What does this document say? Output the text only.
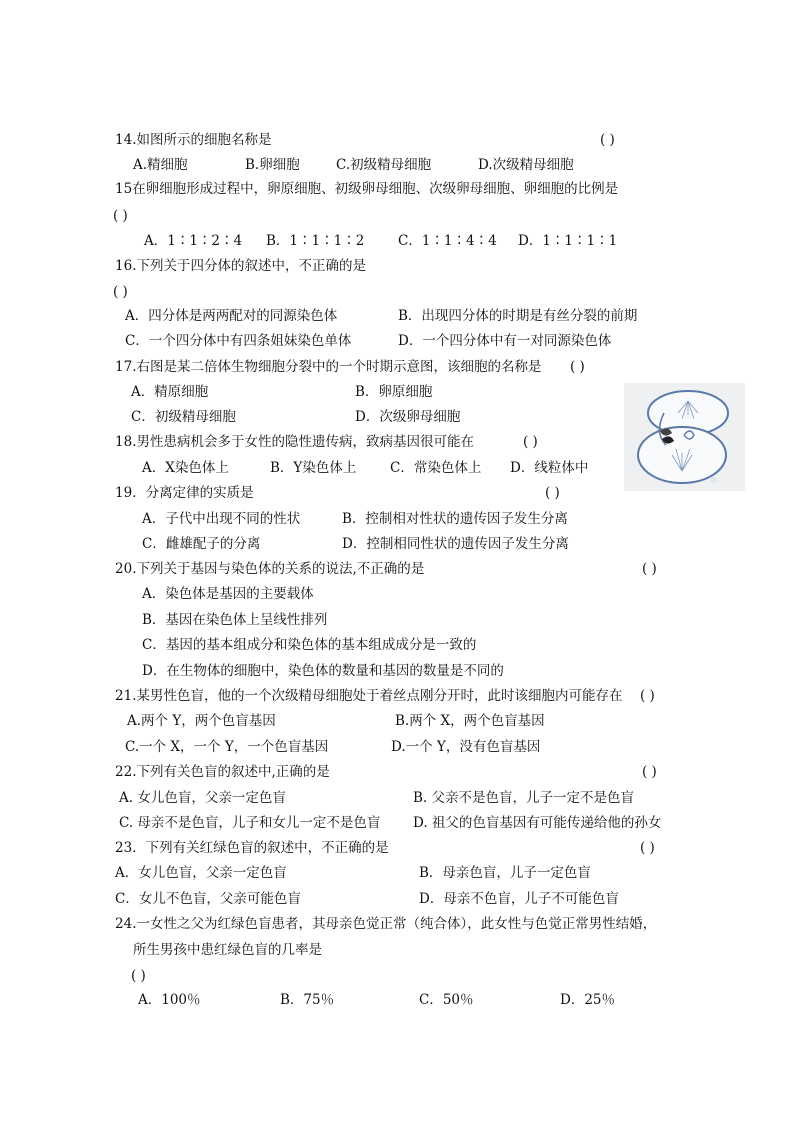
14.如图所示的细胞名称是	( )
A.精细胞	B.卵细胞	C.初级精母细胞	D.次级精母细胞
15在卵细胞形成过程中，卵原细胞、初级卵母细胞、次级卵母细胞、卵细胞的比例是
( )
A．1∶1∶2∶4 B．1∶1∶1∶2 C．1∶1∶4∶4 D．1∶1∶1∶1
16.下列关于四分体的叙述中，不正确的是
( )
A．四分体是两两配对的同源染色体	B．出现四分体的时期是有丝分裂的前期
C．一个四分体中有四条姐妹染色单体	D．一个四分体中有一对同源染色体
17.右图是某二倍体生物细胞分裂中的一个时期示意图，该细胞的名称是 ( )
A．精原细胞	B．卵原细胞
C．初级精母细胞	D．次级卵母细胞
中
18.男性患病机会多于女性的隐性遗传病，致病基因很可能在	( )
A．X染色体上	B．Y染色体上 C．常染色体上 D．线粒体中
19．分离定律的实质是	( )
A．子代中出现不同的性状	B．控制相对性状的遗传因子发生分离
C．雌雄配子的分离	D．控制相同性状的遗传因子发生分离
20.下列关于基因与染色体的关系的说法,不正确的是	( )
A．染色体是基因的主要载体
B．基因在染色体上呈线性排列
C．基因的基本组成分和染色体的基本组成成分是一致的
D．在生物体的细胞中，染色体的数量和基因的数量是不同的
21.某男性色盲，他的一个次级精母细胞处于着丝点刚分开时，此时该细胞内可能存在 ( )
A.两个 Y，两个色盲基因	B.两个 X，两个色盲基因
C.一个 X，一个 Y，一个色盲基因	D.一个 Y，没有色盲基因
22.下列有关色盲的叙述中,正确的是	( )
A. 女儿色盲，父亲一定色盲	B. 父亲不是色盲，儿子一定不是色盲
C. 母亲不是色盲，儿子和女儿一定不是色盲 D. 祖父的色盲基因有可能传递给他的孙女
23．下列有关红绿色盲的叙述中，不正确的是	( )
A．女儿色盲，父亲一定色盲	B．母亲色盲，儿子一定色盲
C．女儿不色盲，父亲可能色盲	D．母亲不色盲，儿子不可能色盲
24.一女性之父为红绿色盲患者，其母亲色觉正常（纯合体），此女性与色觉正常男性结婚，
所生男孩中患红绿色盲的几率是
( )
A．100％	B．75％	C．50％	D．25％
